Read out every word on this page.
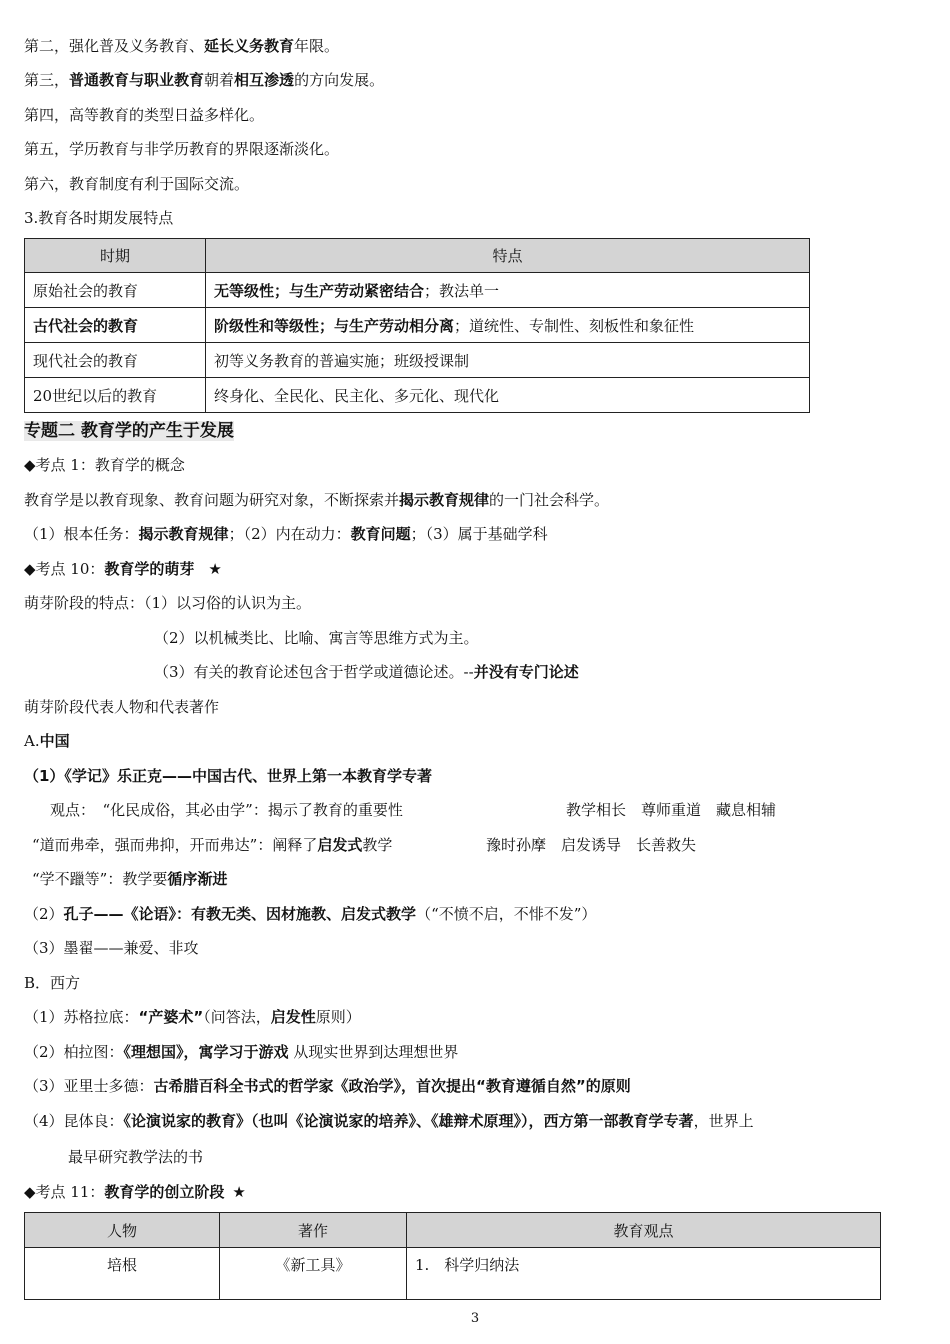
第二，强化普及义务教育、延长义务教育年限。
第三，普通教育与职业教育朝着相互渗透的方向发展。
第四，高等教育的类型日益多样化。
第五，学历教育与非学历教育的界限逐渐淡化。
第六，教育制度有利于国际交流。
3.教育各时期发展特点
时期	特点
原始社会的教育	无等级性；与生产劳动紧密结合；教法单一
古代社会的教育	阶级性和等级性；与生产劳动相分离；道统性、专制性、刻板性和象征性
现代社会的教育	初等义务教育的普遍实施；班级授课制
20世纪以后的教育	终身化、全民化、民主化、多元化、现代化
专题二 教育学的产生于发展
◆考点 1：教育学的概念
教育学是以教育现象、教育问题为研究对象，不断探索并揭示教育规律的一门社会科学。
（1）根本任务：揭示教育规律；（2）内在动力：教育问题；（3）属于基础学科
◆考点 10：教育学的萌芽 ★
萌芽阶段的特点：（1）以习俗的认识为主。
（2）以机械类比、比喻、寓言等思维方式为主。
（3）有关的教育论述包含于哲学或道德论述。--并没有专门论述
萌芽阶段代表人物和代表著作
A.中国
（1）《学记》乐正克——中国古代、世界上第一本教育学专著
观点：　“化民成俗，其必由学”：揭示了教育的重要性	教学相长　尊师重道　藏息相辅
“道而弗牵，强而弗抑，开而弗达”：阐释了启发式教学	豫时孙摩　启发诱导　长善救失
“学不躐等”：教学要循序渐进
（2）孔子——《论语》：有教无类、因材施教、启发式教学（“不愤不启，不悱不发”）
（3）墨翟——兼爱、非攻
B．西方
（1）苏格拉底：“产婆术”（问答法，启发性原则）
（2）柏拉图：《理想国》，寓学习于游戏 从现实世界到达理想世界
（3）亚里士多德：古希腊百科全书式的哲学家《政治学》，首次提出“教育遵循自然”的原则
（4）昆体良：《论演说家的教育》（也叫《论演说家的培养》、《雄辩术原理》），西方第一部教育学专著，世界上
最早研究教学法的书
◆考点 11：教育学的创立阶段 ★
人物	著作	教育观点
培根	《新工具》	1.　科学归纳法
3
